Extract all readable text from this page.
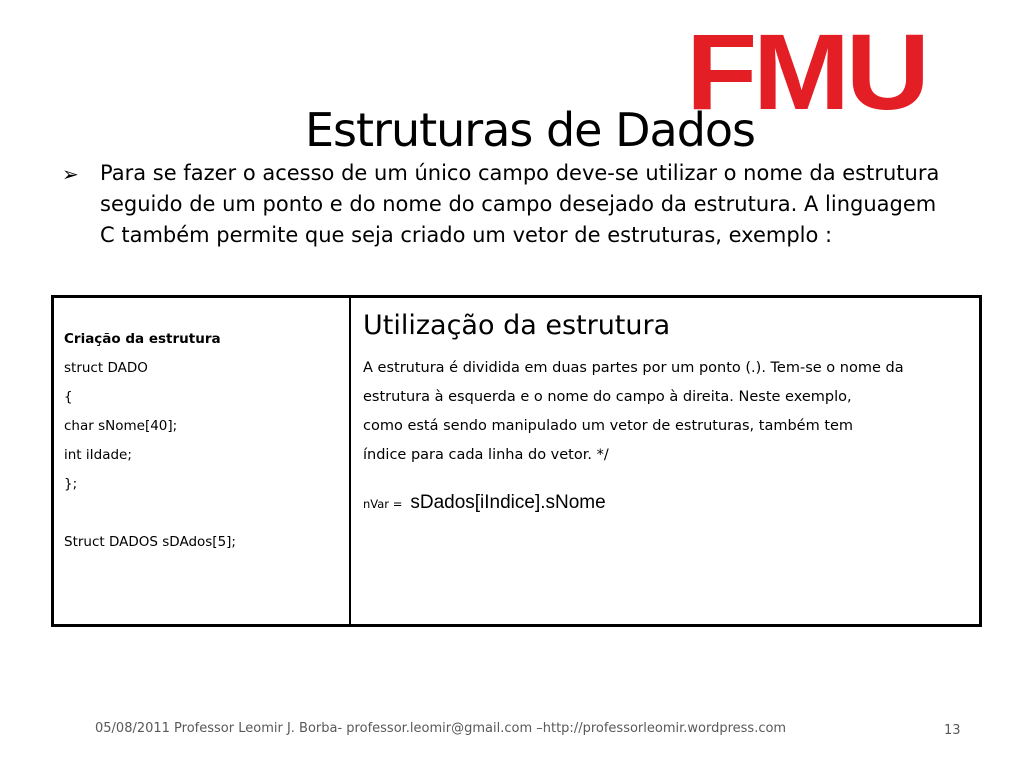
FMU
Estruturas de Dados
➢ Para se fazer o acesso de um único campo deve-se utilizar o nome da estrutura seguido de um ponto e do nome do campo desejado da estrutura. A linguagem C também permite que seja criado um vetor de estruturas, exemplo :
Criação da estrutura
struct DADO
{
char sNome[40];
int iIdade;
};
Struct DADOS sDAdos[5];
Utilização da estrutura
A estrutura é dividida em duas partes por um ponto (.). Tem-se o nome da
estrutura à esquerda e o nome do campo à direita. Neste exemplo,
como está sendo manipulado um vetor de estruturas, também tem
índice para cada linha do vetor. */
nVar = sDados[iIndice].sNome
05/08/2011 Professor Leomir J. Borba- professor.leomir@gmail.com –http://professorleomir.wordpress.com	13
